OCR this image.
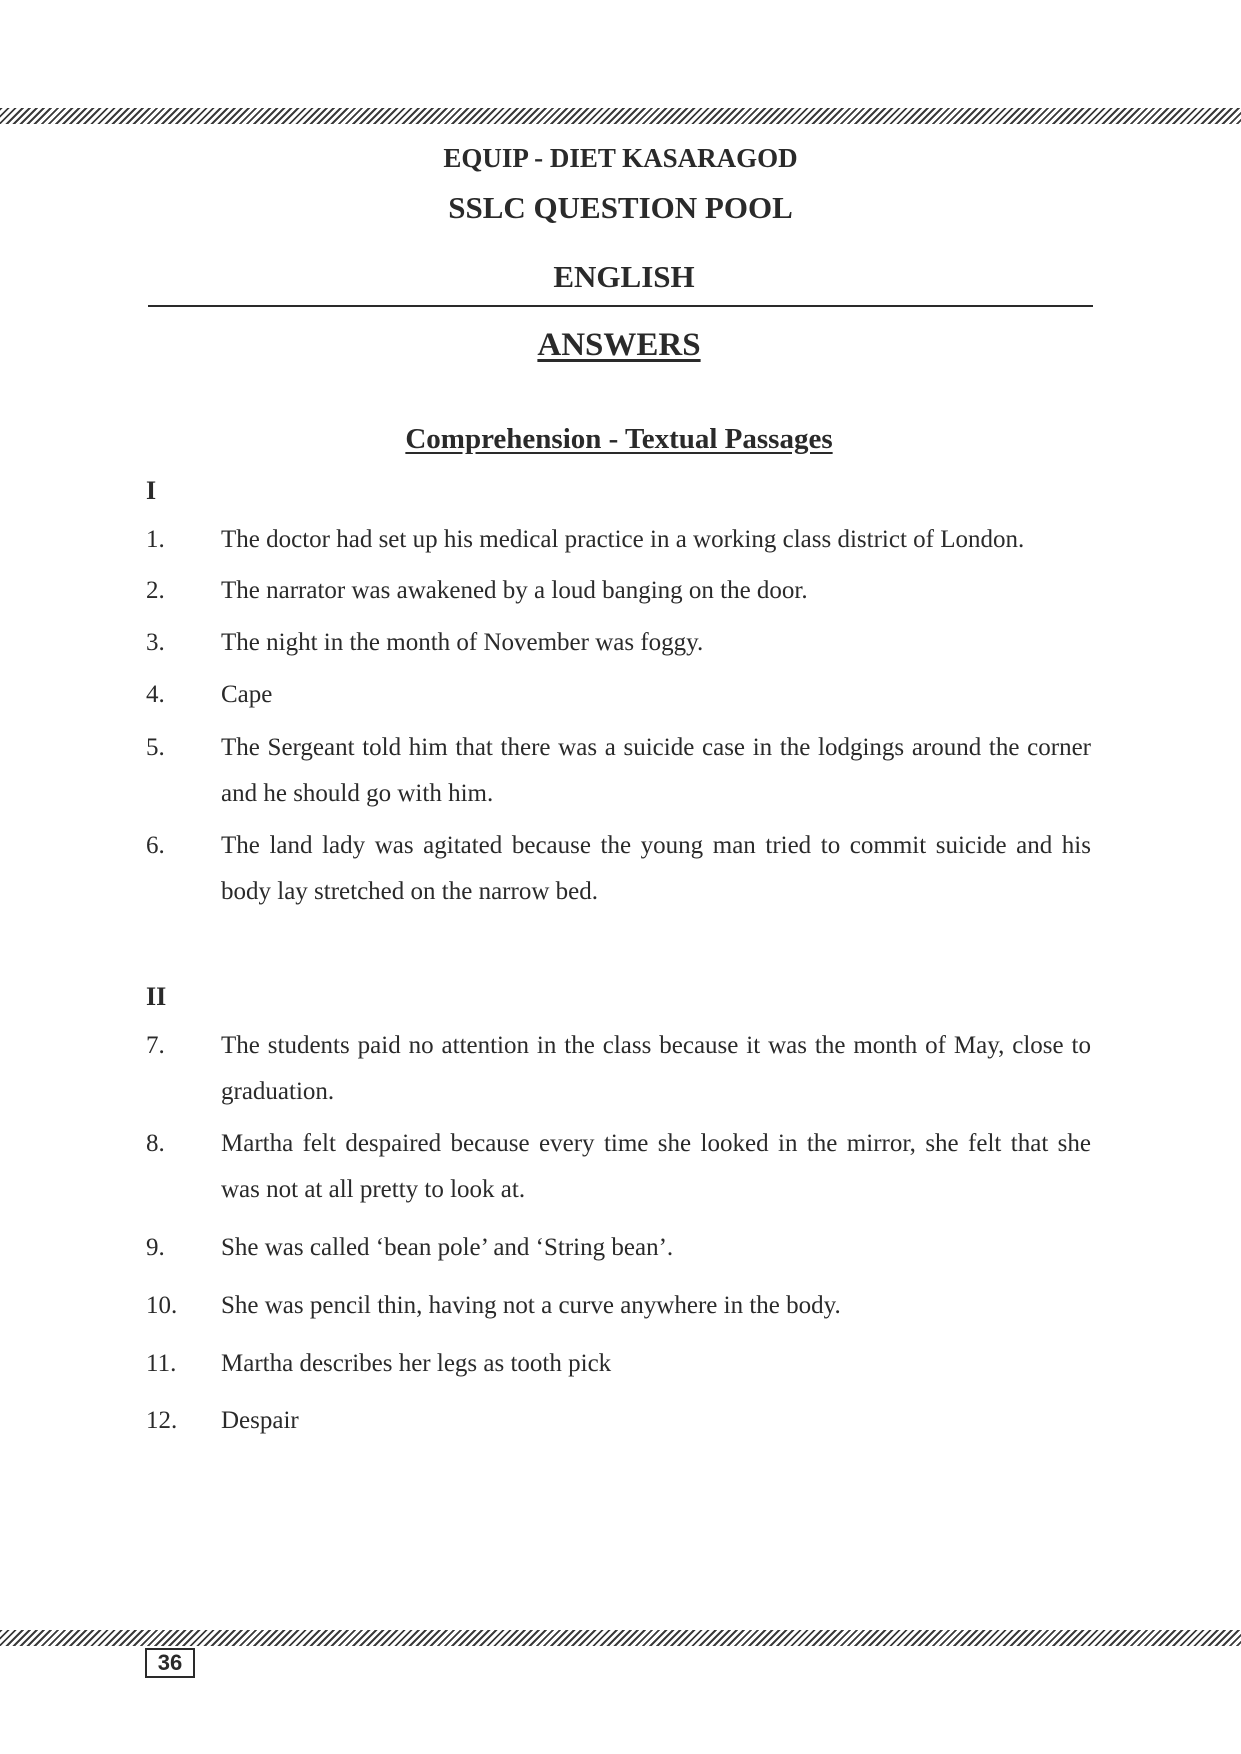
EQUIP - DIET KASARAGOD
SSLC QUESTION POOL
ENGLISH
ANSWERS
Comprehension - Textual Passages
I
1. The doctor had set up his medical practice in a working class district of London.
2. The narrator was awakened by a loud banging on the door.
3. The night in the month of November was foggy.
4. Cape
5. The Sergeant told him that there was a suicide case in the lodgings around the corner and he should go with him.
6. The land lady was agitated because the young man tried to commit suicide and his body lay stretched on the narrow bed.
II
7. The students paid no attention in the class because it was the month of May, close to graduation.
8. Martha felt despaired because every time she looked in the mirror, she felt that she was not at all pretty to look at.
9. She was called ‘bean pole’ and ‘String bean’.
10. She was pencil thin, having not a curve anywhere in the body.
11. Martha describes her legs as tooth pick
12. Despair
36
